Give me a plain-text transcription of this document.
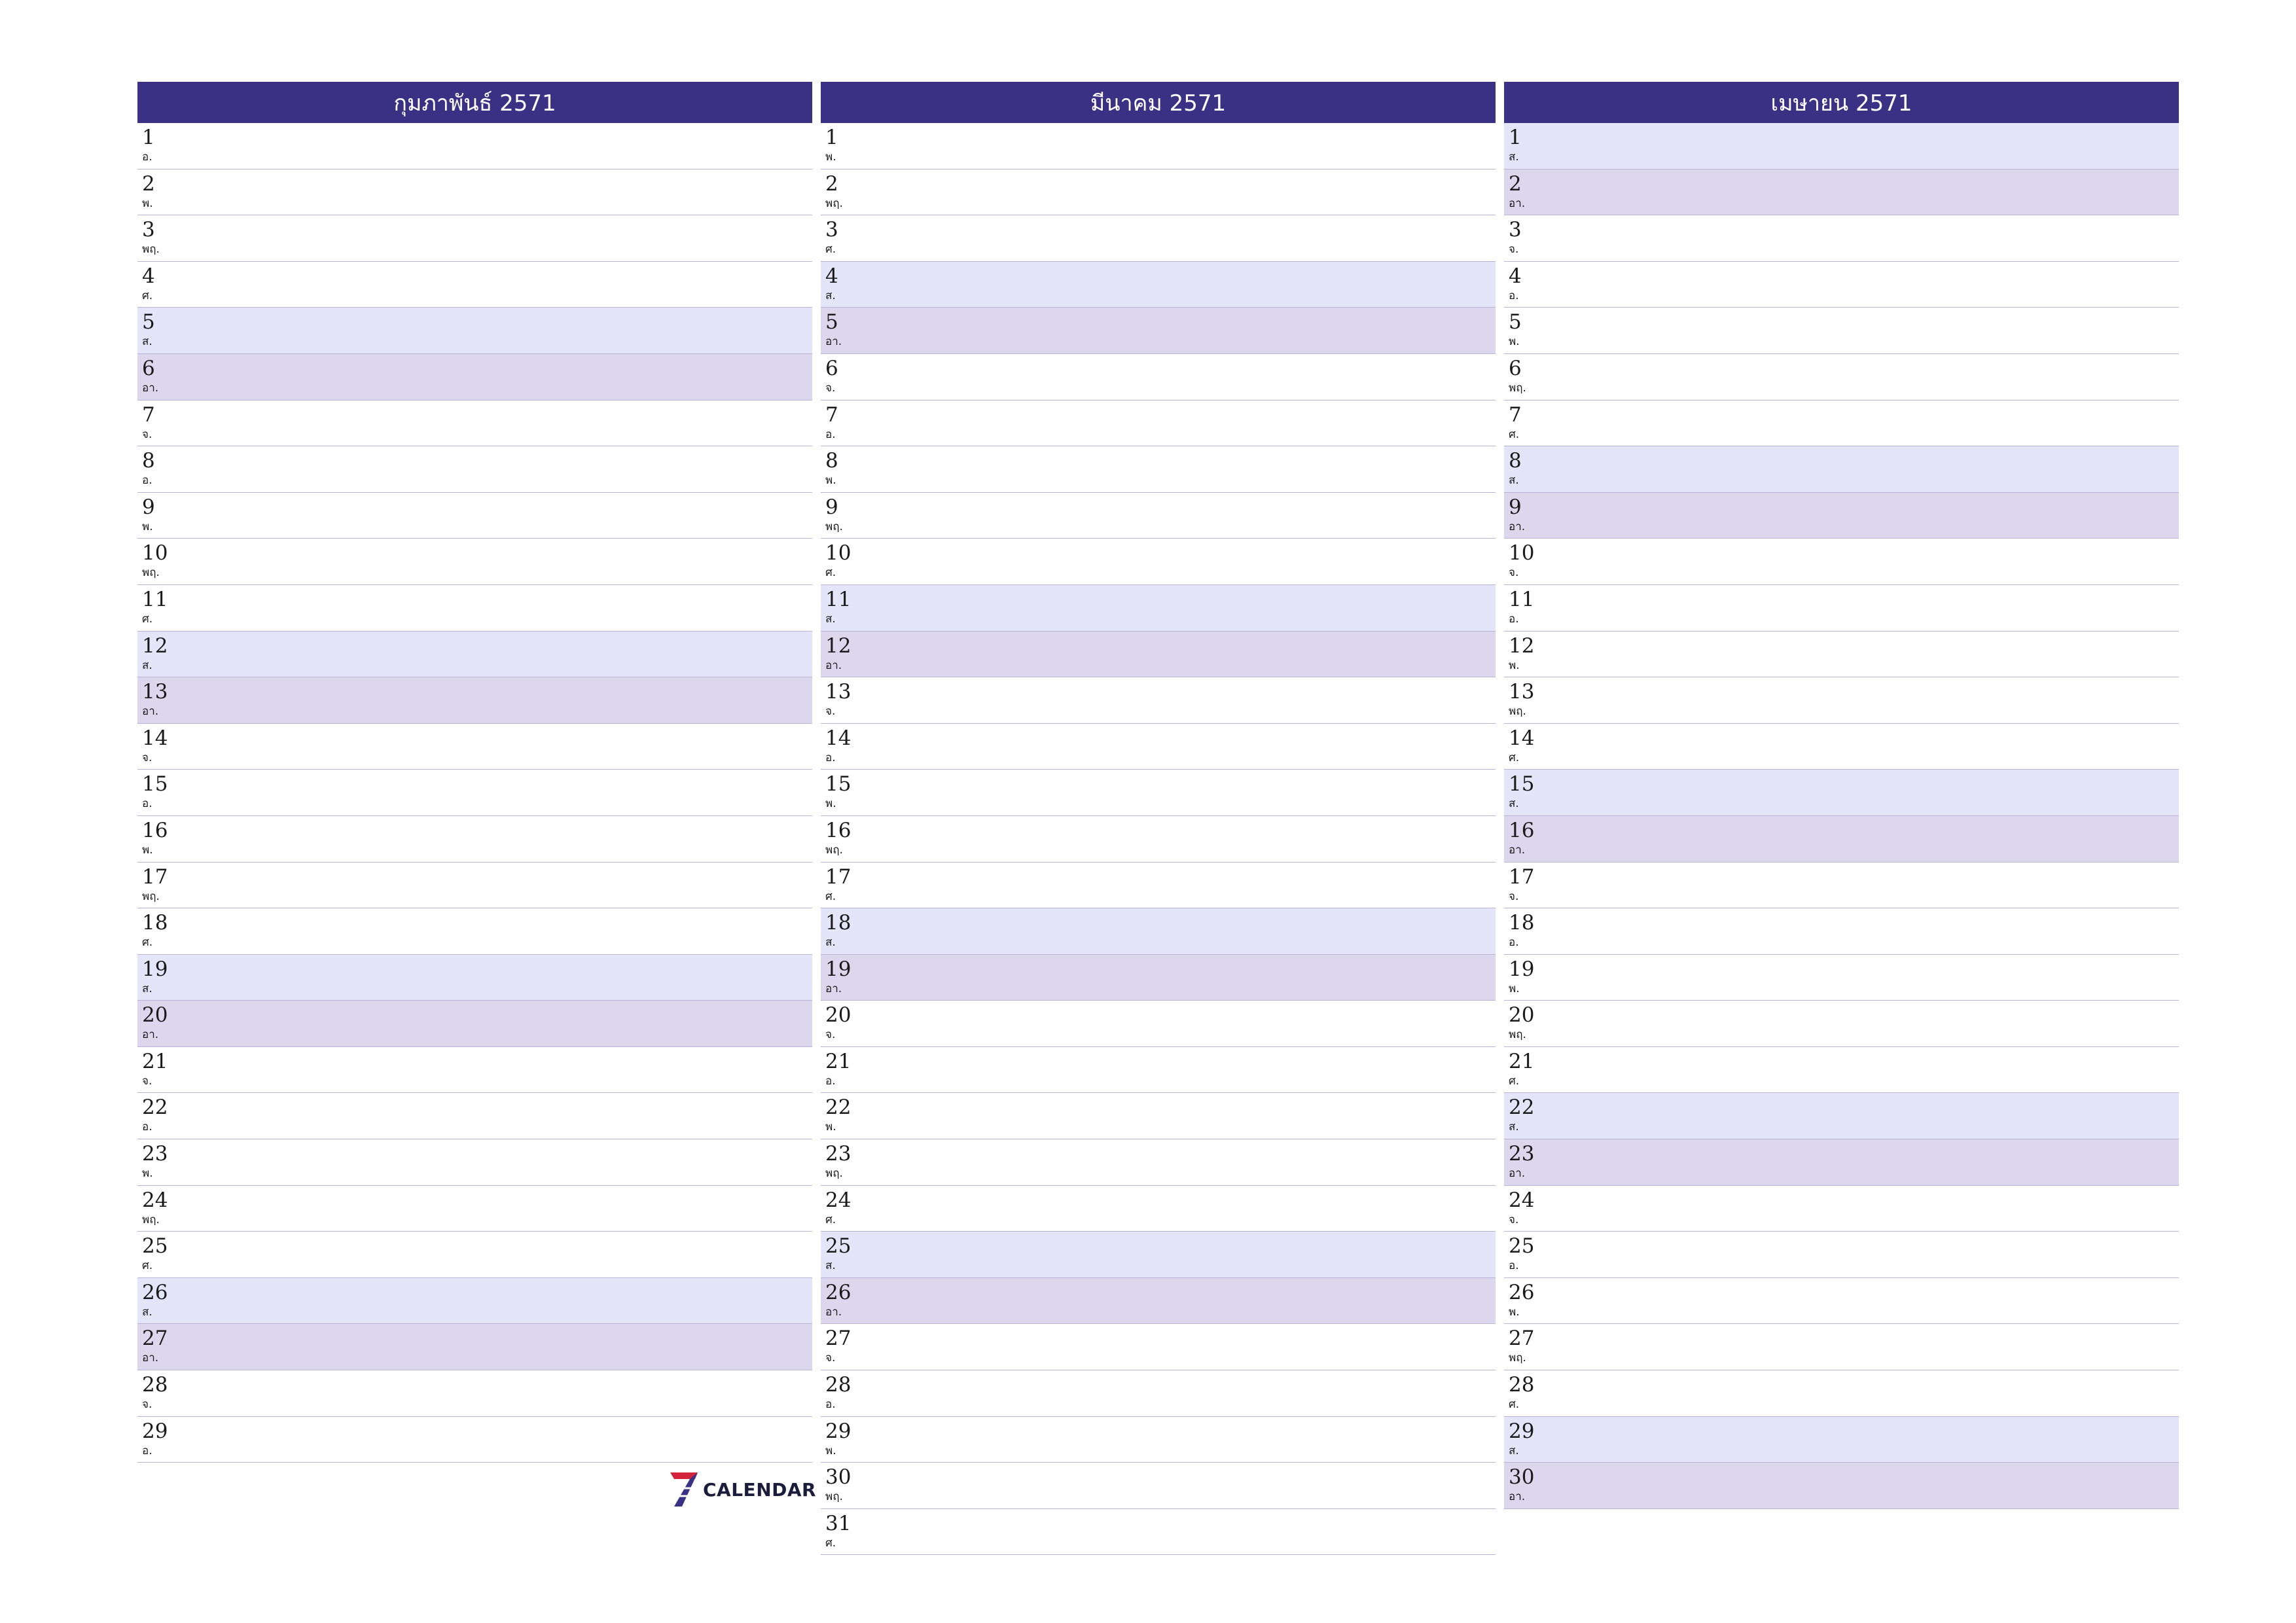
กุมภาพันธ์ 2571
1
อ.
2
พ.
3
พฤ.
4
ศ.
5
ส.
6
อา.
7
จ.
8
อ.
9
พ.
10
พฤ.
11
ศ.
12
ส.
13
อา.
14
จ.
15
อ.
16
พ.
17
พฤ.
18
ศ.
19
ส.
20
อา.
21
จ.
22
อ.
23
พ.
24
พฤ.
25
ศ.
26
ส.
27
อา.
28
จ.
29
อ.
มีนาคม 2571
1
พ.
2
พฤ.
3
ศ.
4
ส.
5
อา.
6
จ.
7
อ.
8
พ.
9
พฤ.
10
ศ.
11
ส.
12
อา.
13
จ.
14
อ.
15
พ.
16
พฤ.
17
ศ.
18
ส.
19
อา.
20
จ.
21
อ.
22
พ.
23
พฤ.
24
ศ.
25
ส.
26
อา.
27
จ.
28
อ.
29
พ.
30
พฤ.
31
ศ.
เมษายน 2571
1
ส.
2
อา.
3
จ.
4
อ.
5
พ.
6
พฤ.
7
ศ.
8
ส.
9
อา.
10
จ.
11
อ.
12
พ.
13
พฤ.
14
ศ.
15
ส.
16
อา.
17
จ.
18
อ.
19
พ.
20
พฤ.
21
ศ.
22
ส.
23
อา.
24
จ.
25
อ.
26
พ.
27
พฤ.
28
ศ.
29
ส.
30
อา.
CALENDAR
